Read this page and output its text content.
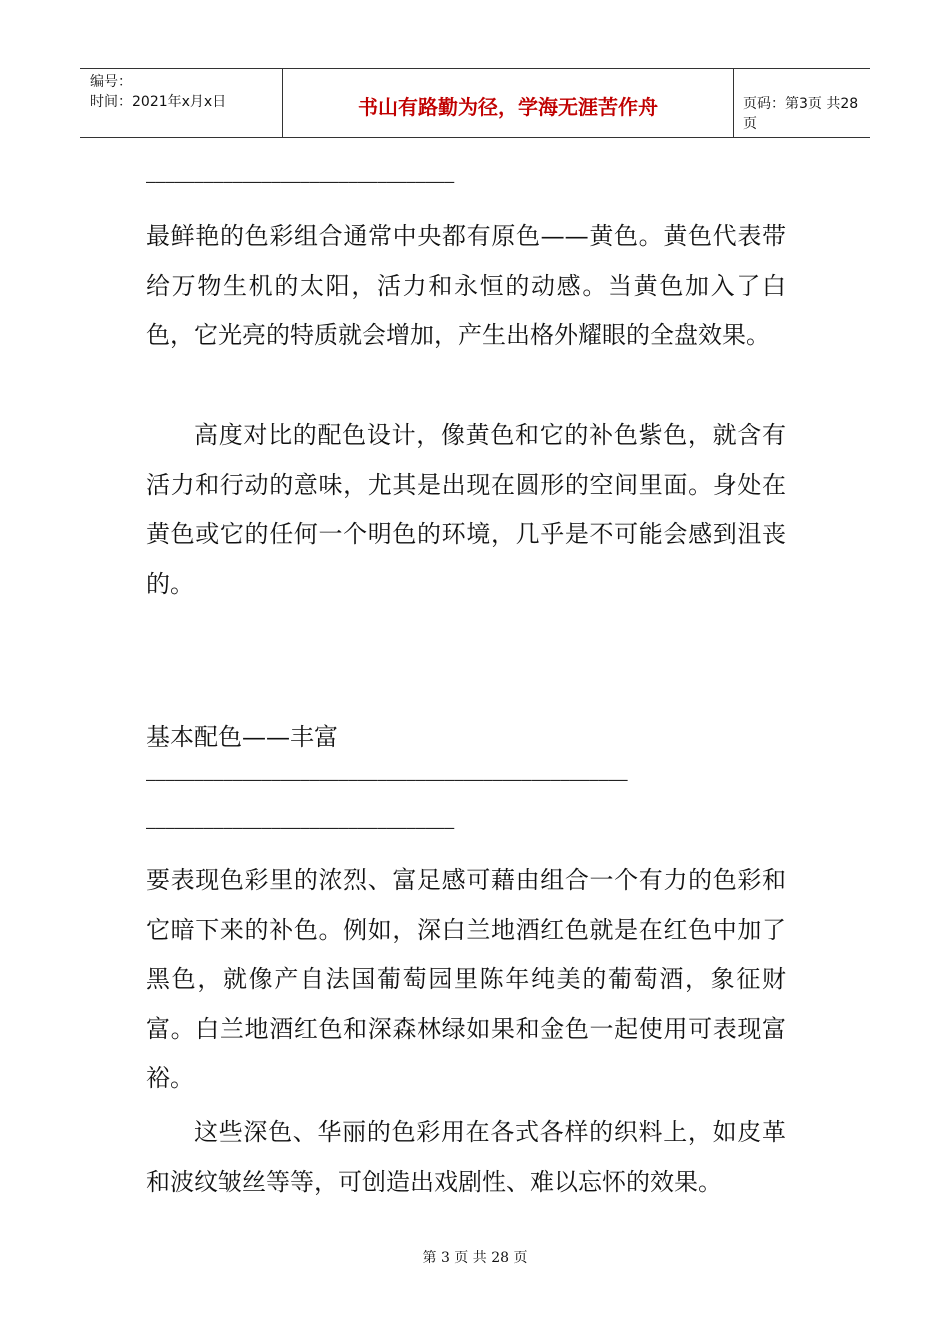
编号：
时间：2021年x月x日	书山有路勤为径，学海无涯苦作舟	页码：第3页 共28页
————————————————————————————————

最鲜艳的色彩组合通常中央都有原色——黄色。黄色代表带给万物生机的太阳，活力和永恒的动感。当黄色加入了白色，它光亮的特质就会增加，产生出格外耀眼的全盘效果。

高度对比的配色设计，像黄色和它的补色紫色，就含有活力和行动的意味，尤其是出现在圆形的空间里面。身处在黄色或它的任何一个明色的环境，几乎是不可能会感到沮丧的。

基本配色——丰富

——————————————————————————————————————————————————
————————————————————————————————

要表现色彩里的浓烈、富足感可藉由组合一个有力的色彩和它暗下来的补色。例如，深白兰地酒红色就是在红色中加了黑色，就像产自法国葡萄园里陈年纯美的葡萄酒，象征财富。白兰地酒红色和深森林绿如果和金色一起使用可表现富裕。

这些深色、华丽的色彩用在各式各样的织料上，如皮革和波纹皱丝等等，可创造出戏剧性、难以忘怀的效果。

第 3 页 共 28 页
